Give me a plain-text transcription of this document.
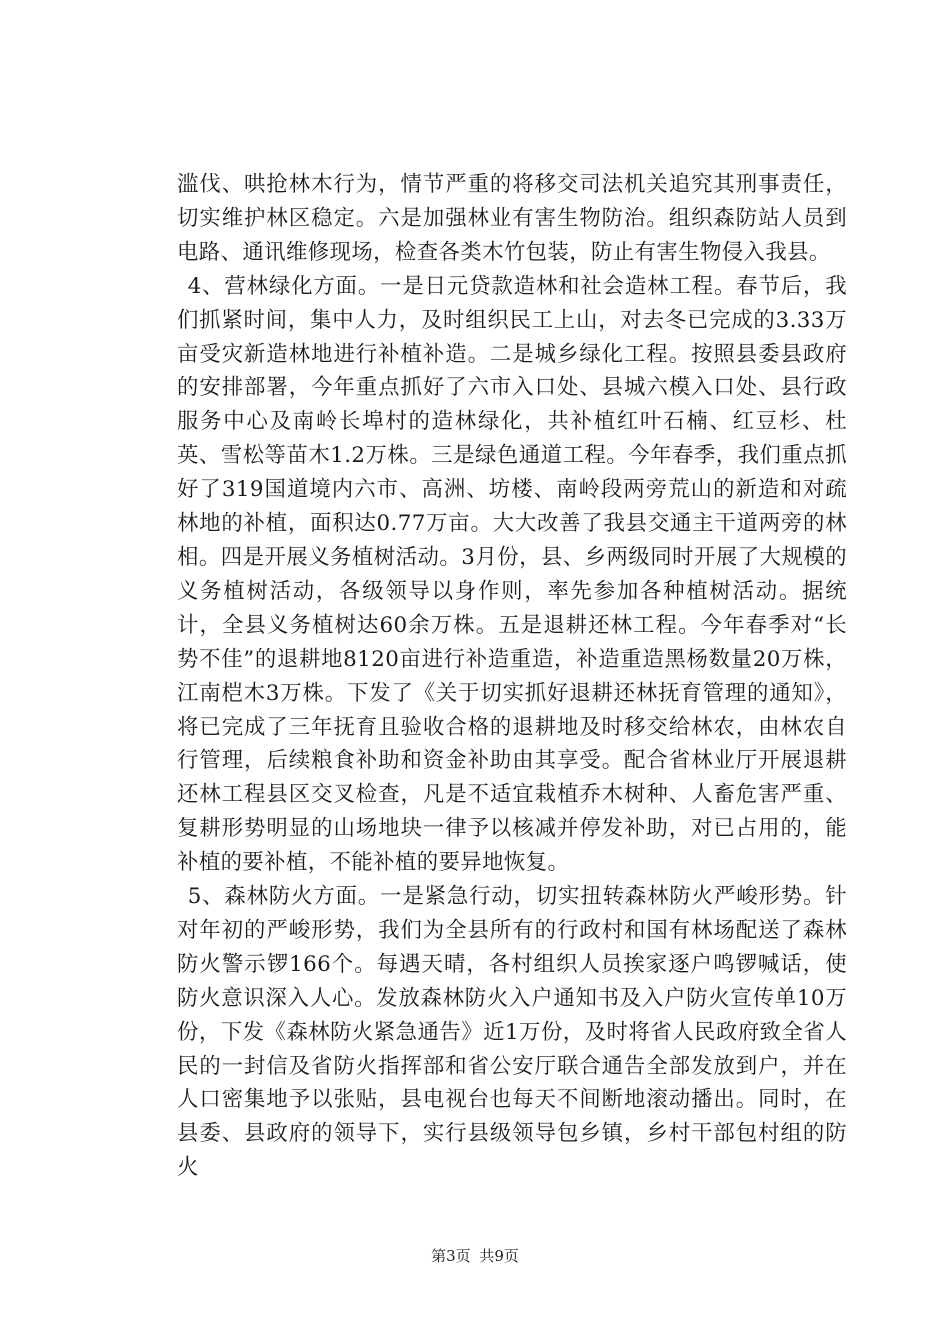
滥伐、哄抢林木行为，情节严重的将移交司法机关追究其刑事责任，切实维护林区稳定。六是加强林业有害生物防治。组织森防站人员到电路、通讯维修现场，检查各类木竹包装，防止有害生物侵入我县。

4、营林绿化方面。一是日元贷款造林和社会造林工程。春节后，我们抓紧时间，集中人力，及时组织民工上山，对去冬已完成的3.33万亩受灾新造林地进行补植补造。二是城乡绿化工程。按照县委县政府的安排部署，今年重点抓好了六市入口处、县城六模入口处、县行政服务中心及南岭长埠村的造林绿化，共补植红叶石楠、红豆杉、杜英、雪松等苗木1.2万株。三是绿色通道工程。今年春季，我们重点抓好了319国道境内六市、高洲、坊楼、南岭段两旁荒山的新造和对疏林地的补植，面积达0.77万亩。大大改善了我县交通主干道两旁的林相。四是开展义务植树活动。3月份，县、乡两级同时开展了大规模的义务植树活动，各级领导以身作则，率先参加各种植树活动。据统计，全县义务植树达60余万株。五是退耕还林工程。今年春季对“长势不佳”的退耕地8120亩进行补造重造，补造重造黑杨数量20万株，江南桤木3万株。下发了《关于切实抓好退耕还林抚育管理的通知》，将已完成了三年抚育且验收合格的退耕地及时移交给林农，由林农自行管理，后续粮食补助和资金补助由其享受。配合省林业厅开展退耕还林工程县区交叉检查，凡是不适宜栽植乔木树种、人畜危害严重、复耕形势明显的山场地块一律予以核减并停发补助，对已占用的，能补植的要补植，不能补植的要异地恢复。

5、森林防火方面。一是紧急行动，切实扭转森林防火严峻形势。针对年初的严峻形势，我们为全县所有的行政村和国有林场配送了森林防火警示锣166个。每遇天晴，各村组织人员挨家逐户鸣锣喊话，使防火意识深入人心。发放森林防火入户通知书及入户防火宣传单10万份，下发《森林防火紧急通告》近1万份，及时将省人民政府致全省人民的一封信及省防火指挥部和省公安厅联合通告全部发放到户，并在人口密集地予以张贴，县电视台也每天不间断地滚动播出。同时，在县委、县政府的领导下，实行县级领导包乡镇，乡村干部包村组的防火

第3页 共9页
